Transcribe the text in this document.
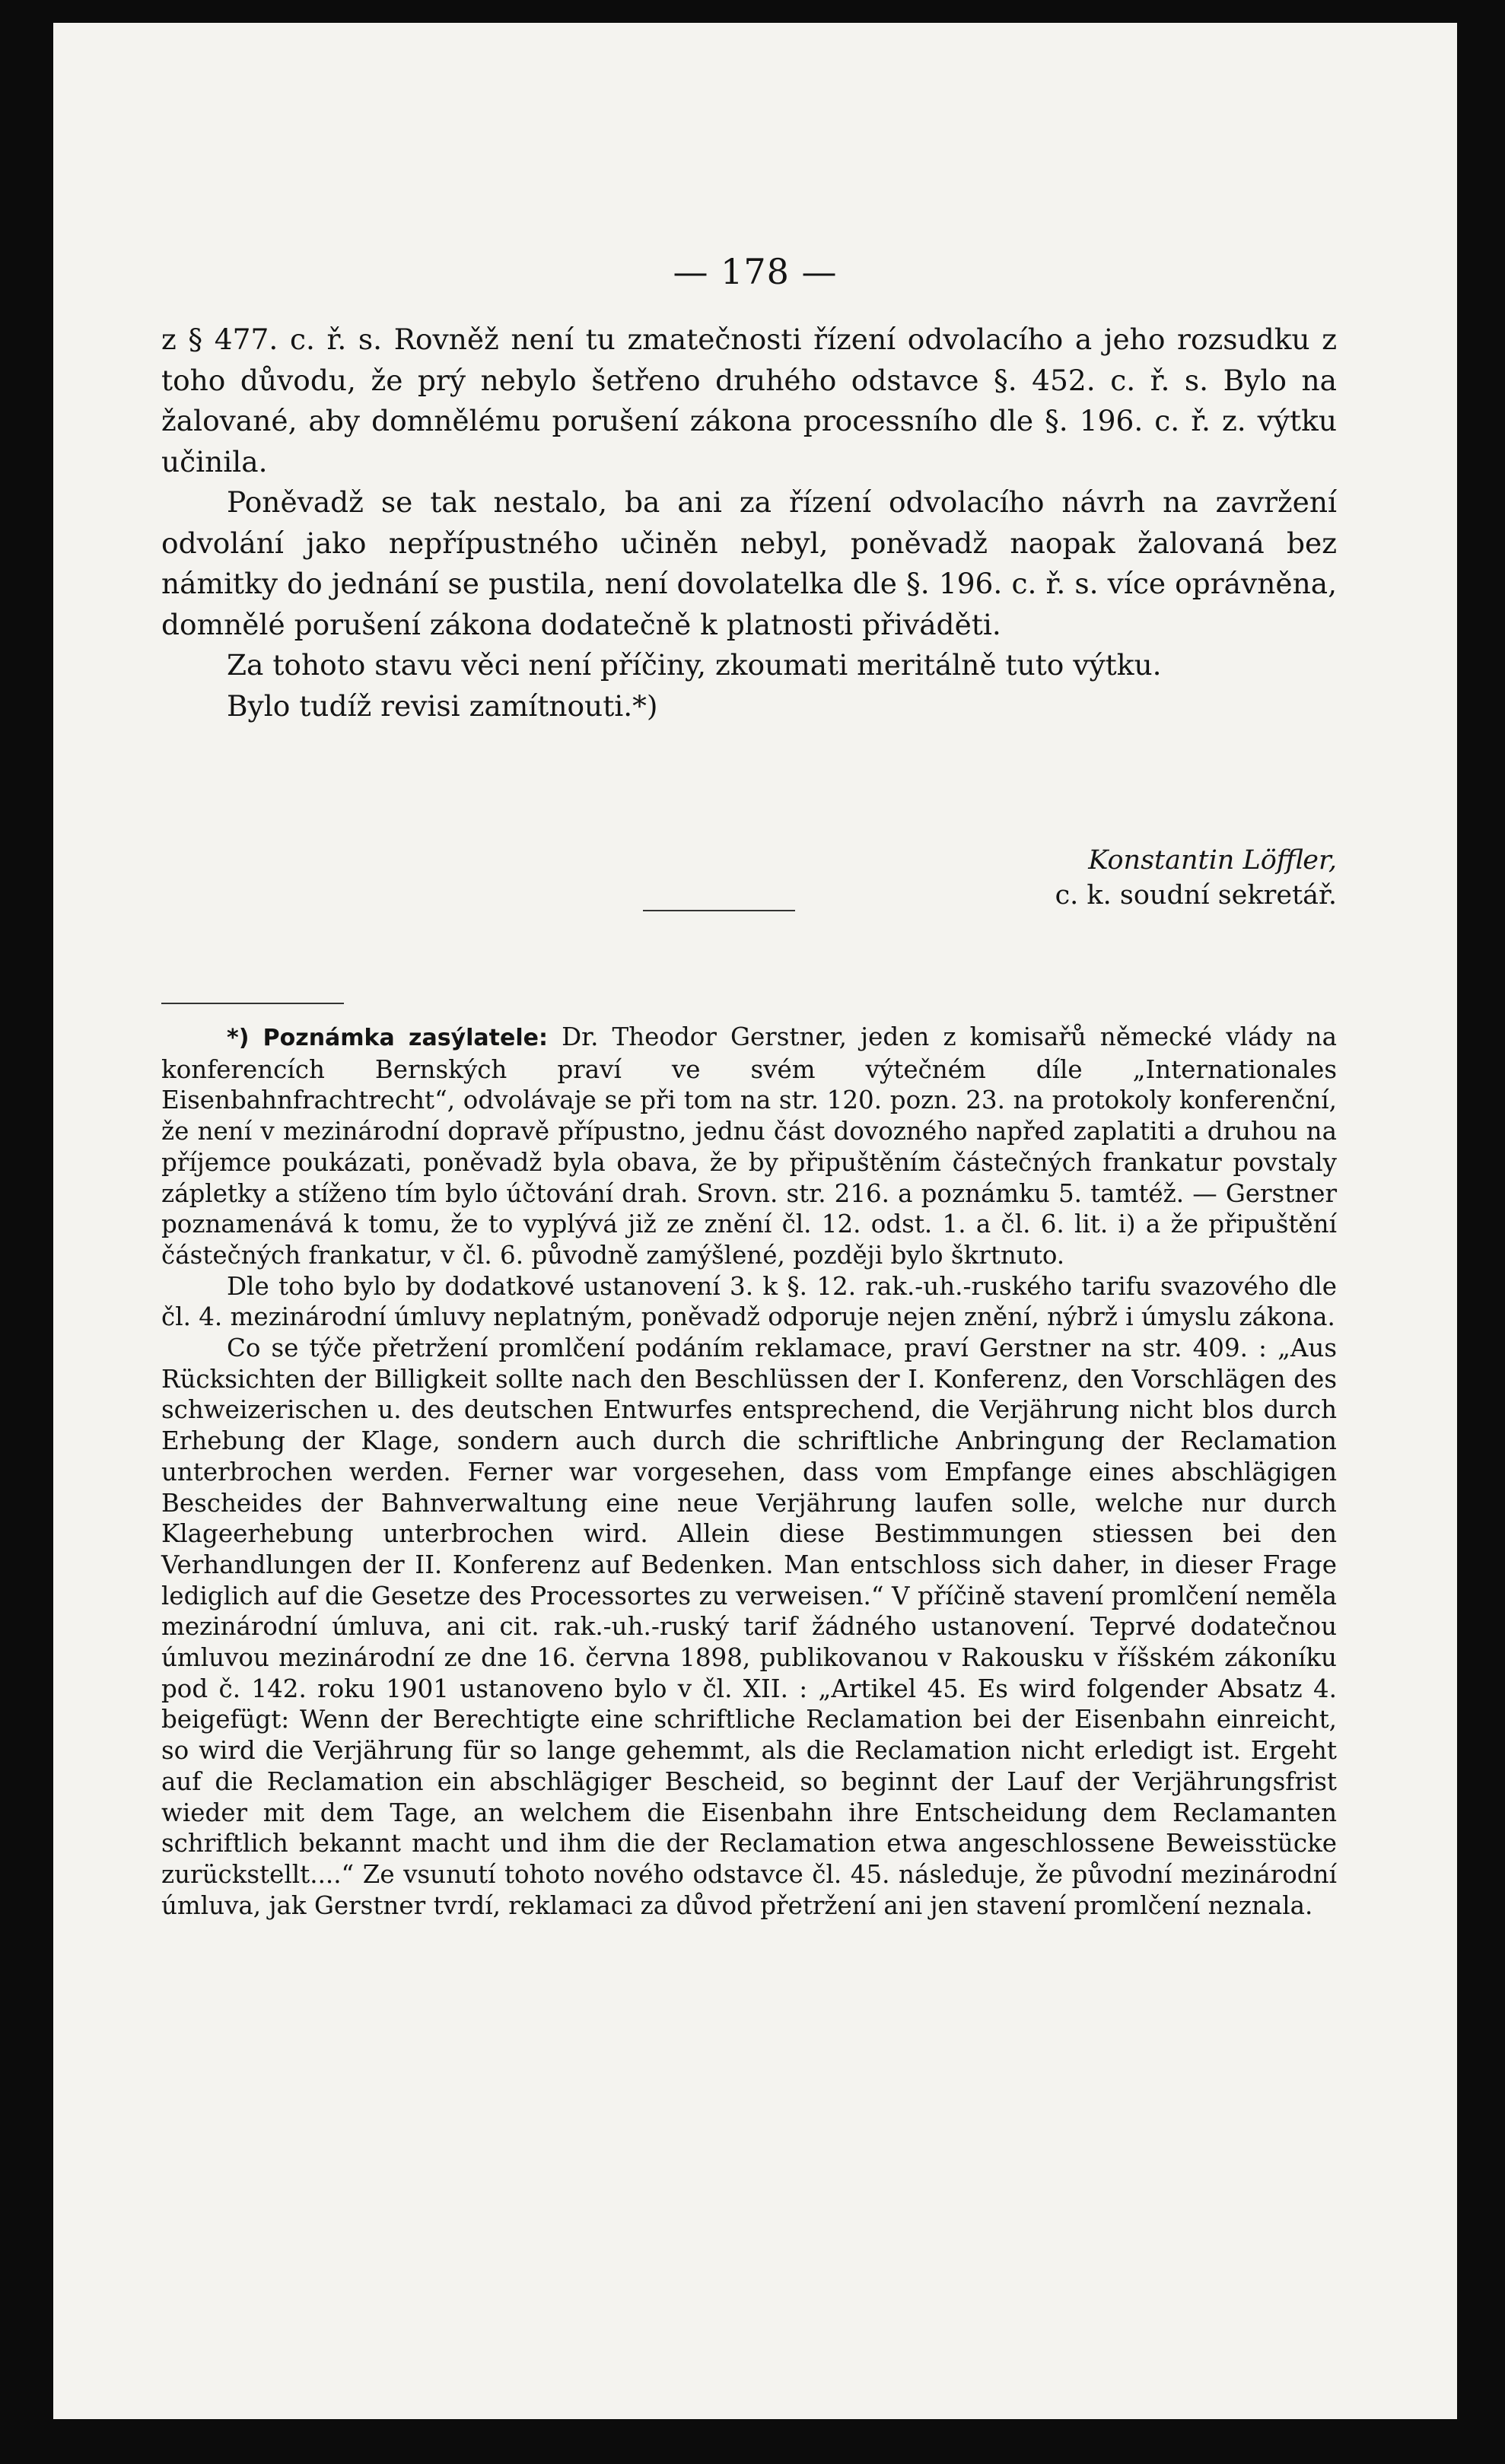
— 178 —

z § 477. c. ř. s. Rovněž není tu zmatečnosti řízení odvolacího a jeho rozsudku z toho důvodu, že prý nebylo šetřeno druhého odstavce §. 452. c. ř. s. Bylo na žalované, aby domnělému porušení zákona processního dle §. 196. c. ř. z. výtku učinila.

Poněvadž se tak nestalo, ba ani za řízení odvolacího návrh na zavržení odvolání jako nepřípustného učiněn nebyl, poněvadž naopak žalovaná bez námitky do jednání se pustila, není dovolatelka dle §. 196. c. ř. s. více oprávněna, domnělé porušení zákona dodatečně k platnosti přiváděti.

Za tohoto stavu věci není příčiny, zkoumati meritálně tuto výtku.

Bylo tudíž revisi zamítnouti.*)

Konstantin Löffler,
c. k. soudní sekretář.

*) Poznámka zasýlatele: Dr. Theodor Gerstner, jeden z komisařů německé vlády na konferencích Bernských praví ve svém výtečném díle „Internationales Eisenbahnfrachtrecht“, odvolávaje se při tom na str. 120. pozn. 23. na protokoly konferenční, že není v mezinárodní dopravě přípustno, jednu část dovozného napřed zaplatiti a druhou na příjemce poukázati, poněvadž byla obava, že by připuštěním částečných frankatur povstaly zápletky a stíženo tím bylo účtování drah. Srovn. str. 216. a poznámku 5. tamtéž. — Gerstner poznamenává k tomu, že to vyplývá již ze znění čl. 12. odst. 1. a čl. 6. lit. i) a že připuštění částečných frankatur, v čl. 6. původně zamýšlené, později bylo škrtnuto.

Dle toho bylo by dodatkové ustanovení 3. k §. 12. rak.-uh.-ruského tarifu svazového dle čl. 4. mezinárodní úmluvy neplatným, poněvadž odporuje nejen znění, nýbrž i úmyslu zákona.

Co se týče přetržení promlčení podáním reklamace, praví Gerstner na str. 409. : „Aus Rücksichten der Billigkeit sollte nach den Beschlüssen der I. Konferenz, den Vorschlägen des schweizerischen u. des deutschen Entwurfes entsprechend, die Verjährung nicht blos durch Erhebung der Klage, sondern auch durch die schriftliche Anbringung der Reclamation unterbrochen werden. Ferner war vorgesehen, dass vom Empfange eines abschlägigen Bescheides der Bahnverwaltung eine neue Verjährung laufen solle, welche nur durch Klageerhebung unterbrochen wird. Allein diese Bestimmungen stiessen bei den Verhandlungen der II. Konferenz auf Bedenken. Man entschloss sich daher, in dieser Frage lediglich auf die Gesetze des Processortes zu verweisen.“ V příčině stavení promlčení neměla mezinárodní úmluva, ani cit. rak.-uh.-ruský tarif žádného ustanovení. Teprvé dodatečnou úmluvou mezinárodní ze dne 16. června 1898, publikovanou v Rakousku v říšském zákoníku pod č. 142. roku 1901 ustanoveno bylo v čl. XII. : „Artikel 45. Es wird folgender Absatz 4. beigefügt: Wenn der Berechtigte eine schriftliche Reclamation bei der Eisenbahn einreicht, so wird die Verjährung für so lange gehemmt, als die Reclamation nicht erledigt ist. Ergeht auf die Reclamation ein abschlägiger Bescheid, so beginnt der Lauf der Verjährungsfrist wieder mit dem Tage, an welchem die Eisenbahn ihre Entscheidung dem Reclamanten schriftlich bekannt macht und ihm die der Reclamation etwa angeschlossene Beweisstücke zurückstellt....“ Ze vsunutí tohoto nového odstavce čl. 45. následuje, že původní mezinárodní úmluva, jak Gerstner tvrdí, reklamaci za důvod přetržení ani jen stavení promlčení neznala.
